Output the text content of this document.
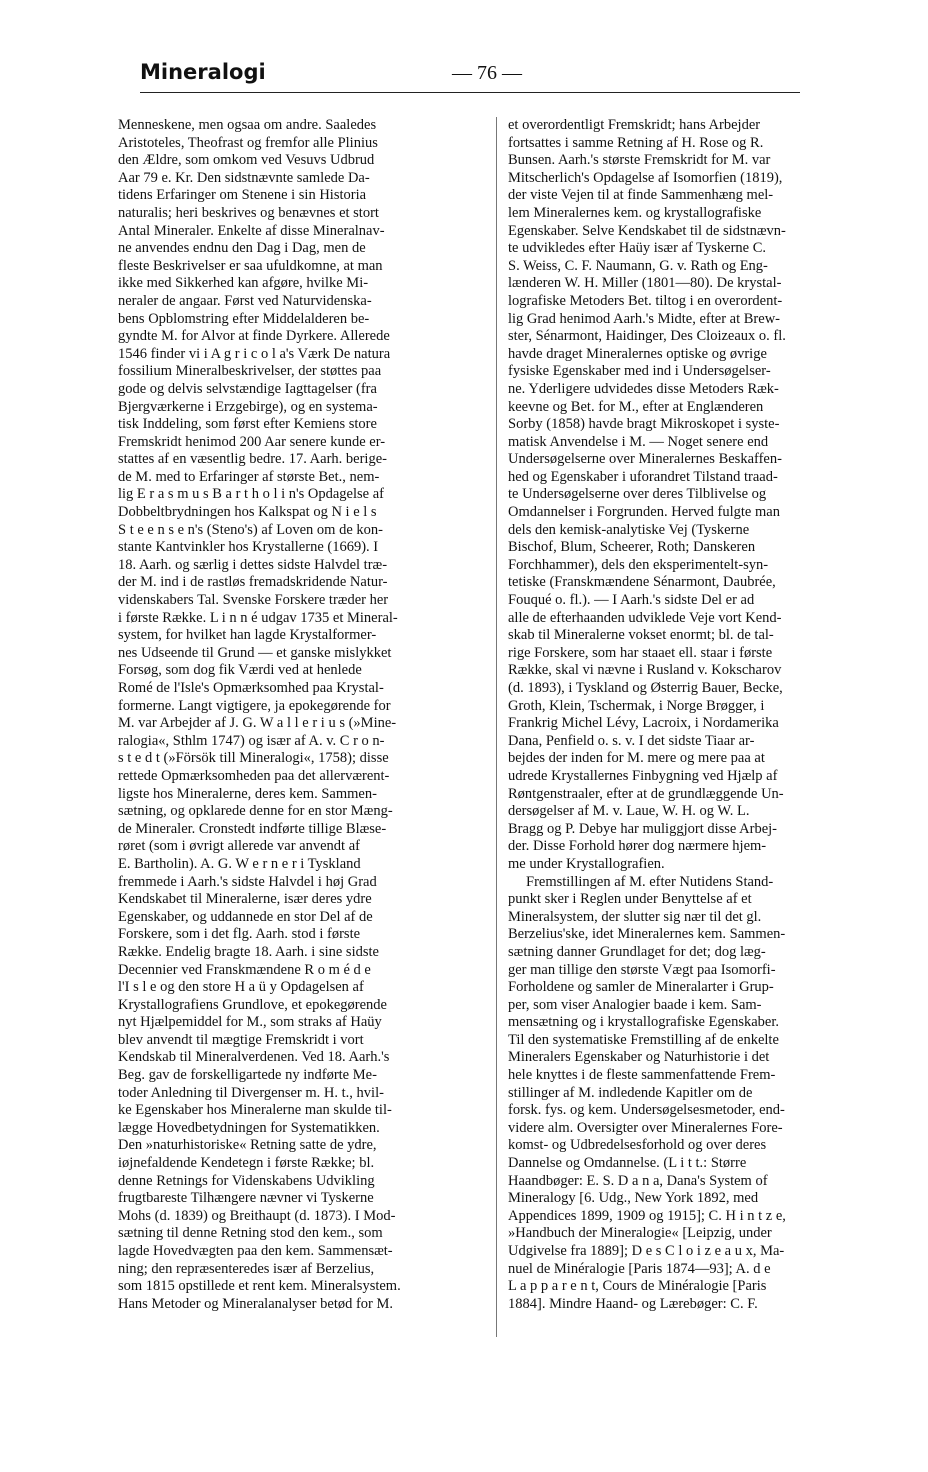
Mineralogi	— 76 —
Menneskene, men ogsaa om andre. Saaledes
Aristoteles, Theofrast og fremfor alle Plinius
den Ældre, som omkom ved Vesuvs Udbrud
Aar 79 e. Kr. Den sidstnævnte samlede Da-
tidens Erfaringer om Stenene i sin Historia
naturalis; heri beskrives og benævnes et stort
Antal Mineraler. Enkelte af disse Mineralnav-
ne anvendes endnu den Dag i Dag, men de
fleste Beskrivelser er saa ufuldkomne, at man
ikke med Sikkerhed kan afgøre, hvilke Mi-
neraler de angaar. Først ved Naturvidenska-
bens Opblomstring efter Middelalderen be-
gyndte M. for Alvor at finde Dyrkere. Allerede
1546 finder vi i A g r i c o l a's Værk De natura
fossilium Mineralbeskrivelser, der støttes paa
gode og delvis selvstændige Iagttagelser (fra
Bjergværkerne i Erzgebirge), og en systema-
tisk Inddeling, som først efter Kemiens store
Fremskridt henimod 200 Aar senere kunde er-
stattes af en væsentlig bedre. 17. Aarh. berige-
de M. med to Erfaringer af største Bet., nem-
lig E r a s m u s B a r t h o l i n's Opdagelse af
Dobbeltbrydningen hos Kalkspat og N i e l s
S t e e n s e n's (Steno's) af Loven om de kon-
stante Kantvinkler hos Krystallerne (1669). I
18. Aarh. og særlig i dettes sidste Halvdel træ-
der M. ind i de rastløs fremadskridende Natur-
videnskabers Tal. Svenske Forskere træder her
i første Række. L i n n é udgav 1735 et Mineral-
system, for hvilket han lagde Krystalformer-
nes Udseende til Grund — et ganske mislykket
Forsøg, som dog fik Værdi ved at henlede
Romé de l'Isle's Opmærksomhed paa Krystal-
formerne. Langt vigtigere, ja epokegørende for
M. var Arbejder af J. G. W a l l e r i u s (»Mine-
ralogia«, Sthlm 1747) og især af A. v. C r o n-
s t e d t (»Försök till Mineralogi«, 1758); disse
rettede Opmærksomheden paa det allerværent-
ligste hos Mineralerne, deres kem. Sammen-
sætning, og opklarede denne for en stor Mæng-
de Mineraler. Cronstedt indførte tillige Blæse-
røret (som i øvrigt allerede var anvendt af
E. Bartholin). A. G. W e r n e r i Tyskland
fremmede i Aarh.'s sidste Halvdel i høj Grad
Kendskabet til Mineralerne, især deres ydre
Egenskaber, og uddannede en stor Del af de
Forskere, som i det flg. Aarh. stod i første
Række. Endelig bragte 18. Aarh. i sine sidste
Decennier ved Franskmændene R o m é d e
l'I s l e og den store H a ü y Opdagelsen af
Krystallografiens Grundlove, et epokegørende
nyt Hjælpemiddel for M., som straks af Haüy
blev anvendt til mægtige Fremskridt i vort
Kendskab til Mineralverdenen. Ved 18. Aarh.'s
Beg. gav de forskelligartede ny indførte Me-
toder Anledning til Divergenser m. H. t., hvil-
ke Egenskaber hos Mineralerne man skulde til-
lægge Hovedbetydningen for Systematikken.
Den »naturhistoriske« Retning satte de ydre,
iøjnefaldende Kendetegn i første Række; bl.
denne Retnings for Videnskabens Udvikling
frugtbareste Tilhængere nævner vi Tyskerne
Mohs (d. 1839) og Breithaupt (d. 1873). I Mod-
sætning til denne Retning stod den kem., som
lagde Hovedvægten paa den kem. Sammensæt-
ning; den repræsenteredes især af Berzelius,
som 1815 opstillede et rent kem. Mineralsystem.
Hans Metoder og Mineralanalyser betød for M.
et overordentligt Fremskridt; hans Arbejder
fortsattes i samme Retning af H. Rose og R.
Bunsen. Aarh.'s største Fremskridt for M. var
Mitscherlich's Opdagelse af Isomorfien (1819),
der viste Vejen til at finde Sammenhæng mel-
lem Mineralernes kem. og krystallografiske
Egenskaber. Selve Kendskabet til de sidstnævn-
te udvikledes efter Haüy især af Tyskerne C.
S. Weiss, C. F. Naumann, G. v. Rath og Eng-
lænderen W. H. Miller (1801—80). De krystal-
lografiske Metoders Bet. tiltog i en overordent-
lig Grad henimod Aarh.'s Midte, efter at Brew-
ster, Sénarmont, Haidinger, Des Cloizeaux o. fl.
havde draget Mineralernes optiske og øvrige
fysiske Egenskaber med ind i Undersøgelser-
ne. Yderligere udvidedes disse Metoders Ræk-
keevne og Bet. for M., efter at Englænderen
Sorby (1858) havde bragt Mikroskopet i syste-
matisk Anvendelse i M. — Noget senere end
Undersøgelserne over Mineralernes Beskaffen-
hed og Egenskaber i uforandret Tilstand traad-
te Undersøgelserne over deres Tilblivelse og
Omdannelser i Forgrunden. Herved fulgte man
dels den kemisk-analytiske Vej (Tyskerne
Bischof, Blum, Scheerer, Roth; Danskeren
Forchhammer), dels den eksperimentelt-syn-
tetiske (Franskmændene Sénarmont, Daubrée,
Fouqué o. fl.). — I Aarh.'s sidste Del er ad
alle de efterhaanden udviklede Veje vort Kend-
skab til Mineralerne vokset enormt; bl. de tal-
rige Forskere, som har staaet ell. staar i første
Række, skal vi nævne i Rusland v. Kokscharov
(d. 1893), i Tyskland og Østerrig Bauer, Becke,
Groth, Klein, Tschermak, i Norge Brøgger, i
Frankrig Michel Lévy, Lacroix, i Nordamerika
Dana, Penfield o. s. v. I det sidste Tiaar ar-
bejdes der inden for M. mere og mere paa at
udrede Krystallernes Finbygning ved Hjælp af
Røntgenstraaler, efter at de grundlæggende Un-
dersøgelser af M. v. Laue, W. H. og W. L.
Bragg og P. Debye har muliggjort disse Arbej-
der. Disse Forhold hører dog nærmere hjem-
me under Krystallografien.
Fremstillingen af M. efter Nutidens Stand-
punkt sker i Reglen under Benyttelse af et
Mineralsystem, der slutter sig nær til det gl.
Berzelius'ske, idet Mineralernes kem. Sammen-
sætning danner Grundlaget for det; dog læg-
ger man tillige den største Vægt paa Isomorfi-
Forholdene og samler de Mineralarter i Grup-
per, som viser Analogier baade i kem. Sam-
mensætning og i krystallografiske Egenskaber.
Til den systematiske Fremstilling af de enkelte
Mineralers Egenskaber og Naturhistorie i det
hele knyttes i de fleste sammenfattende Frem-
stillinger af M. indledende Kapitler om de
forsk. fys. og kem. Undersøgelsesmetoder, end-
videre alm. Oversigter over Mineralernes Fore-
komst- og Udbredelsesforhold og over deres
Dannelse og Omdannelse. (L i t t.: Større
Haandbøger: E. S. D a n a, Dana's System of
Mineralogy [6. Udg., New York 1892, med
Appendices 1899, 1909 og 1915]; C. H i n t z e,
»Handbuch der Mineralogie« [Leipzig, under
Udgivelse fra 1889]; D e s C l o i z e a u x, Ma-
nuel de Minéralogie [Paris 1874—93]; A. d e
L a p p a r e n t, Cours de Minéralogie [Paris
1884]. Mindre Haand- og Lærebøger: C. F.
